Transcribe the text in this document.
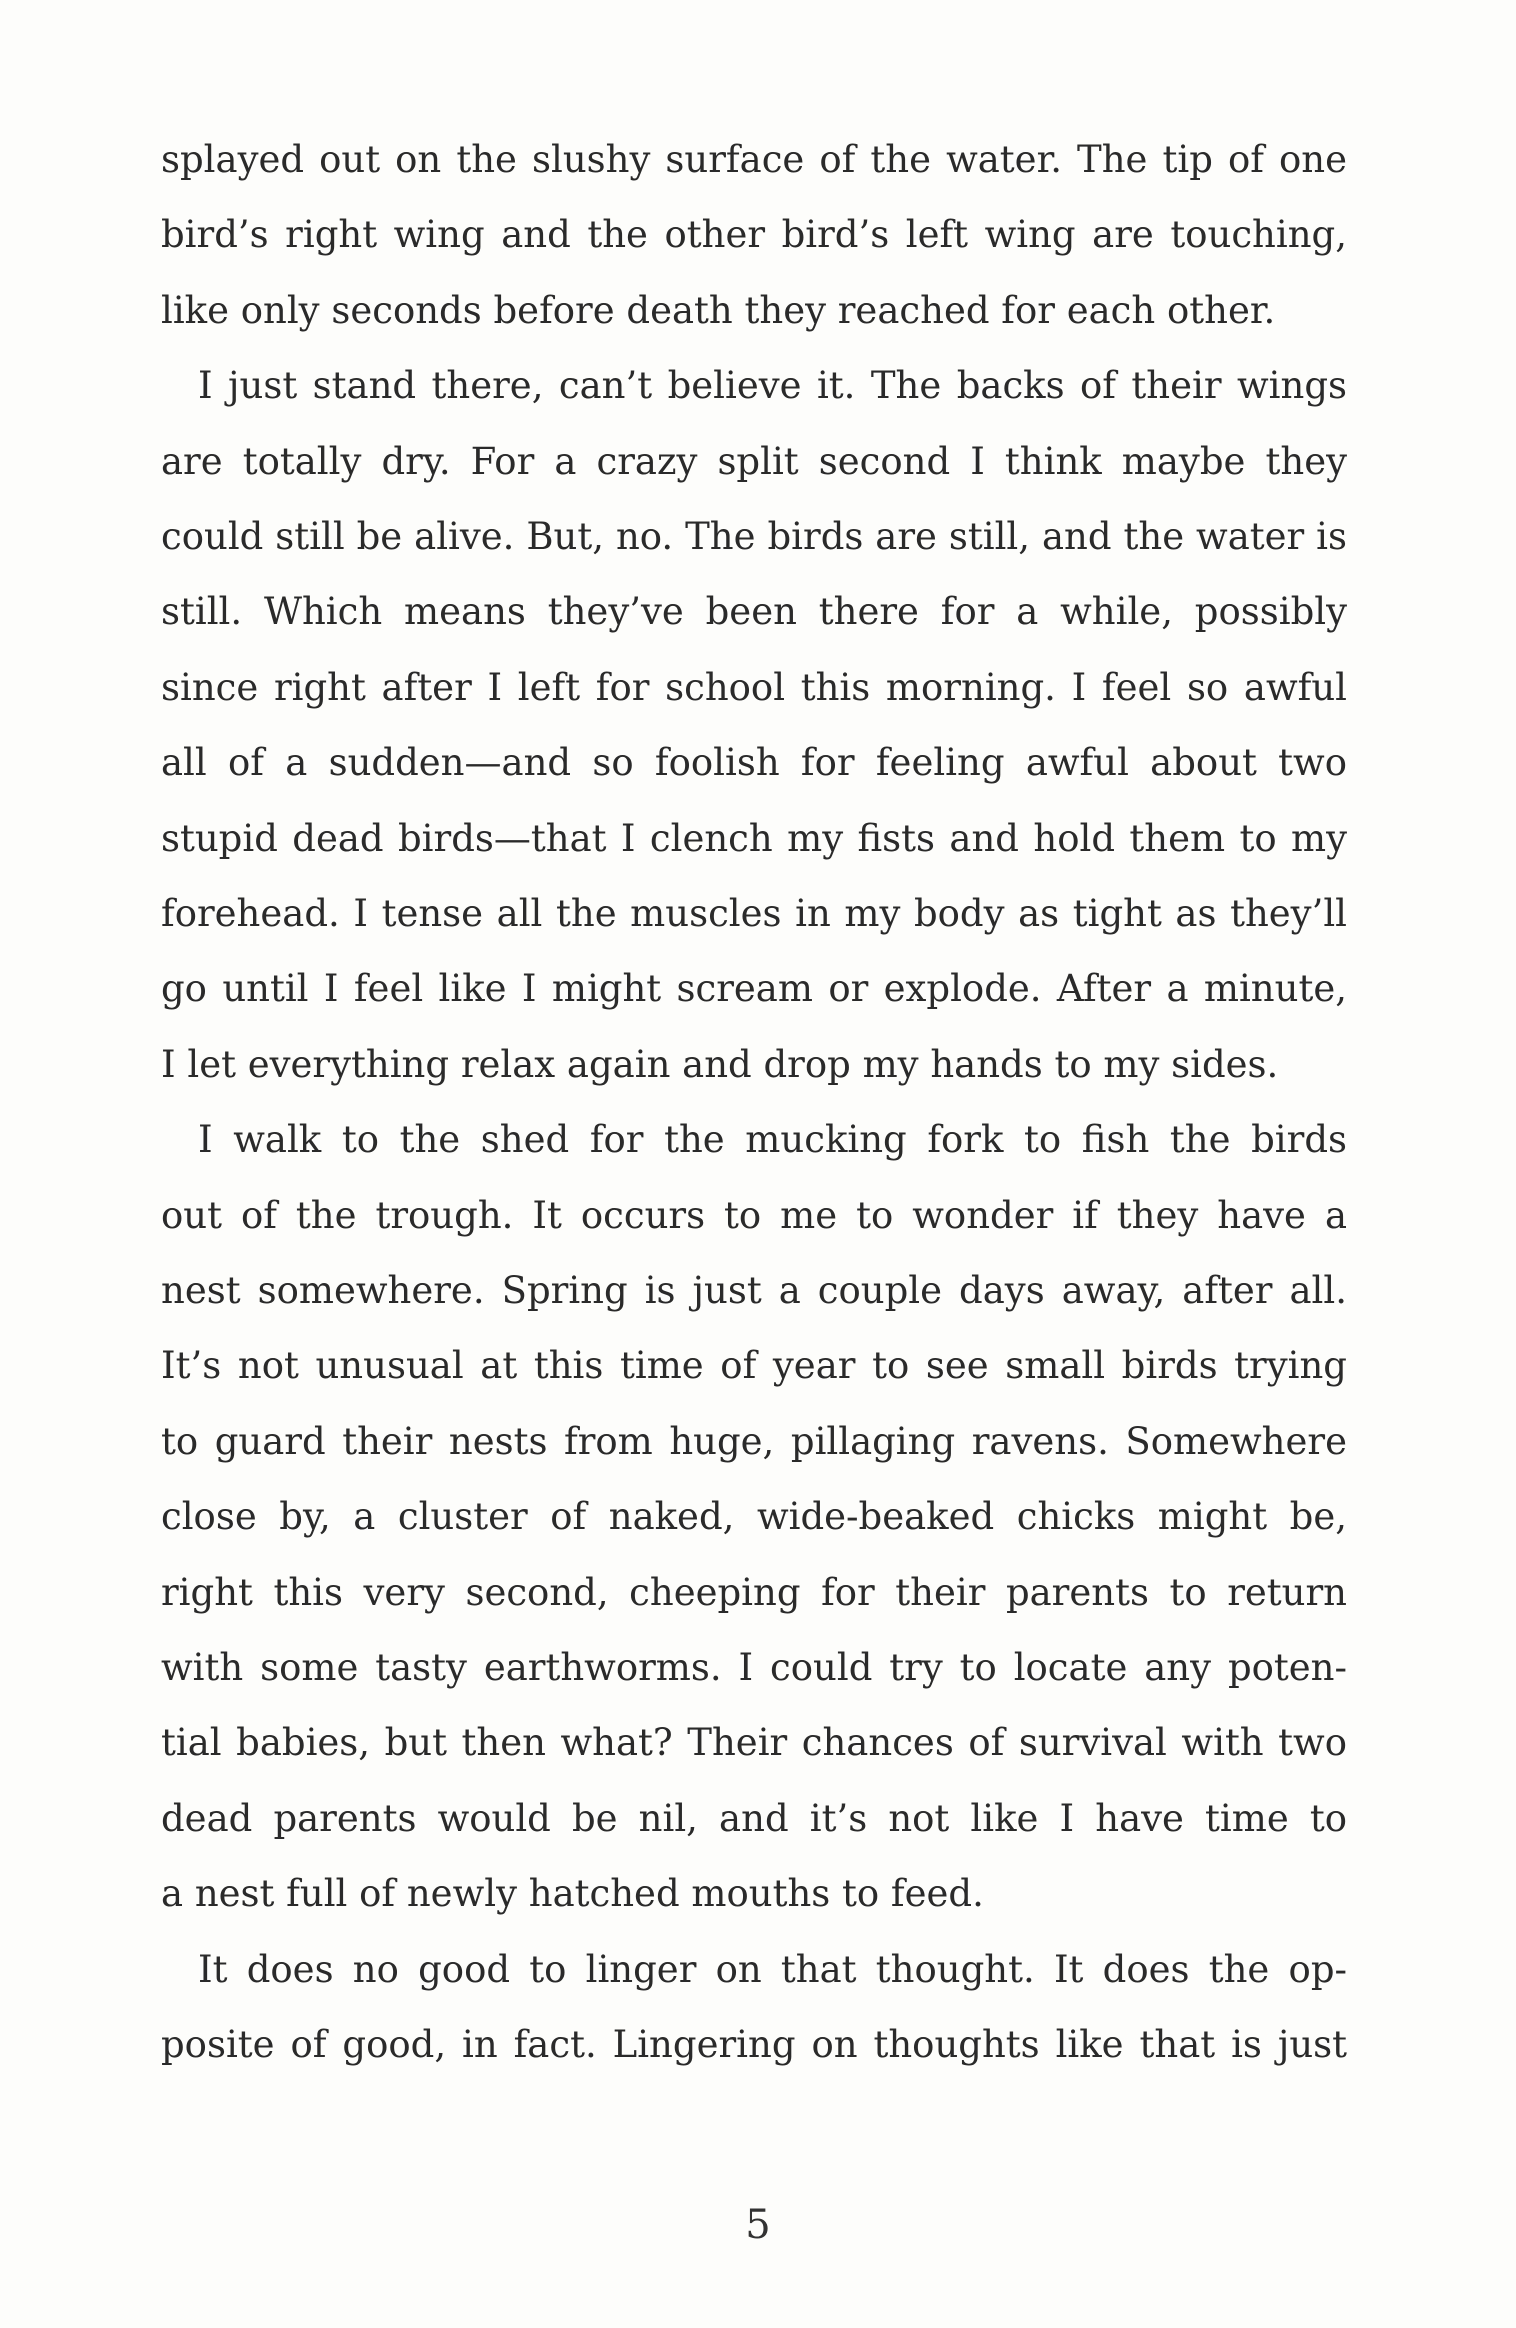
splayed out on the slushy surface of the water. The tip of one
bird’s right wing and the other bird’s left wing are touching,
like only seconds before death they reached for each other.
I just stand there, can’t believe it. The backs of their wings
are totally dry. For a crazy split second I think maybe they
could still be alive. But, no. The birds are still, and the water is
still. Which means they’ve been there for a while, possibly
since right after I left for school this morning. I feel so awful
all of a sudden—and so foolish for feeling awful about two
stupid dead birds—that I clench my fists and hold them to my
forehead. I tense all the muscles in my body as tight as they’ll
go until I feel like I might scream or explode. After a minute,
I let everything relax again and drop my hands to my sides.
I walk to the shed for the mucking fork to fish the birds
out of the trough. It occurs to me to wonder if they have a
nest somewhere. Spring is just a couple days away, after all.
It’s not unusual at this time of year to see small birds trying
to guard their nests from huge, pillaging ravens. Somewhere
close by, a cluster of naked, wide-beaked chicks might be,
right this very second, cheeping for their parents to return
with some tasty earthworms. I could try to locate any poten-
tial babies, but then what? Their chances of survival with two
dead parents would be nil, and it’s not like I have time to
a nest full of newly hatched mouths to feed.
It does no good to linger on that thought. It does the op-
posite of good, in fact. Lingering on thoughts like that is just
5
